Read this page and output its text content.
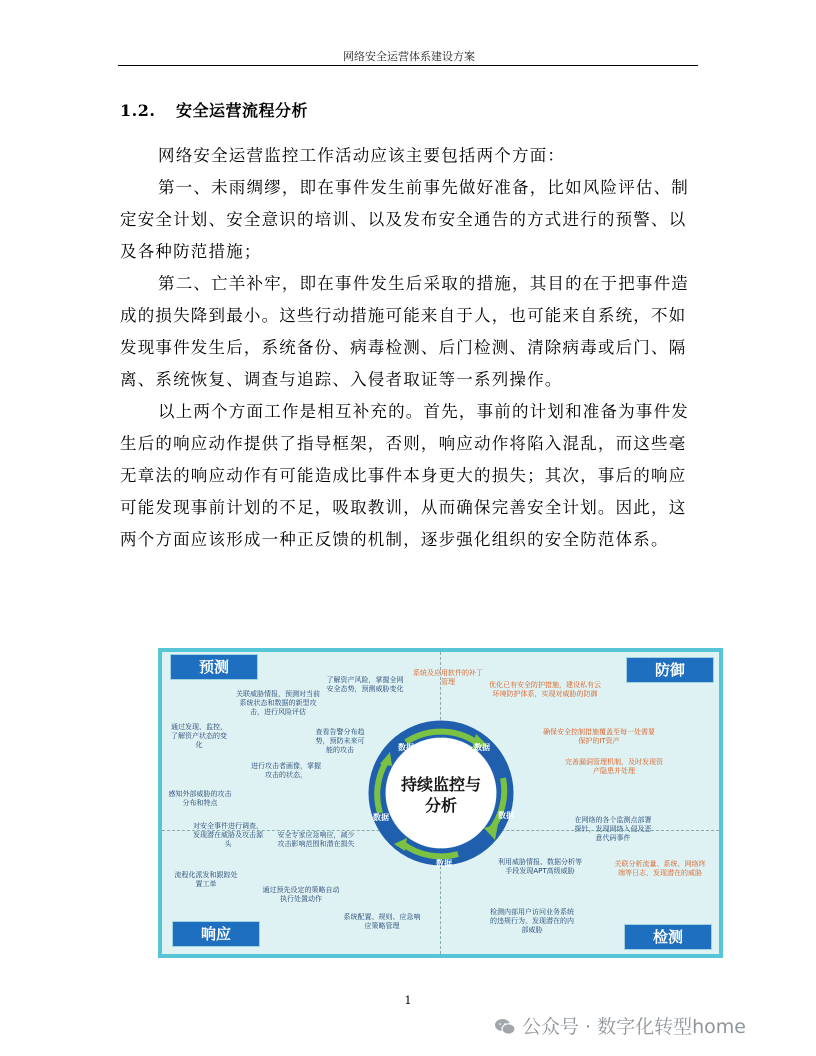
网络安全运营体系建设方案
1.2. 安全运营流程分析

网络安全运营监控工作活动应该主要包括两个方面：

第一、未雨绸缪，即在事件发生前事先做好准备，比如风险评估、制定安全计划、安全意识的培训、以及发布安全通告的方式进行的预警、以及各种防范措施；

第二、亡羊补牢，即在事件发生后采取的措施，其目的在于把事件造成的损失降到最小。这些行动措施可能来自于人，也可能来自系统，不如发现事件发生后，系统备份、病毒检测、后门检测、清除病毒或后门、隔离、系统恢复、调查与追踪、入侵者取证等一系列操作。

以上两个方面工作是相互补充的。首先，事前的计划和准备为事件发生后的响应动作提供了指导框架，否则，响应动作将陷入混乱，而这些毫无章法的响应动作有可能造成比事件本身更大的损失；其次，事后的响应可能发现事前计划的不足，吸取教训，从而确保完善安全计划。因此，这两个方面应该形成一种正反馈的机制，逐步强化组织的安全防范体系。

预测	防御
响应	检测
数据	数据
数据
数据
数据
持续监控与分析
了解资产风险，掌握全网安全态势，预测威胁变化
关联威胁情报，预测对当前系统状态和数据的新型攻击，进行风险评估
通过发现、监控，了解资产状态的变化
查看告警分布趋势，预防未来可能的攻击
进行攻击者画像，掌握攻击的状态，
感知外部威胁的攻击分布和特点
系统及应用软件的补丁管理	优化已有安全防护措施，建设私有云环境防护体系，实现对威胁的防御
确保安全控制措施覆盖至每一处需要保护的IT资产
完善漏洞管理机制，及时发现资产隐患并处理
对安全事件进行调查，发现潜在威胁及攻击源头
安全专家应急响应，减少攻击影响范围和潜在损失
流程化派发和跟踪处置工单
通过预先设定的策略自动执行处置动作
系统配置、规则、应急响应策略管理
在网络的各个监测点部署探针，发现网络入侵及恶意代码事件
利用威胁情报、数据分析等手段发现APT高级威胁
关联分析流量、系统、网络终端等日志，发现潜在的威胁
检测内部用户访问业务系统的违规行为，发现潜在的内部威胁
1
公众号 · 数字化转型home
